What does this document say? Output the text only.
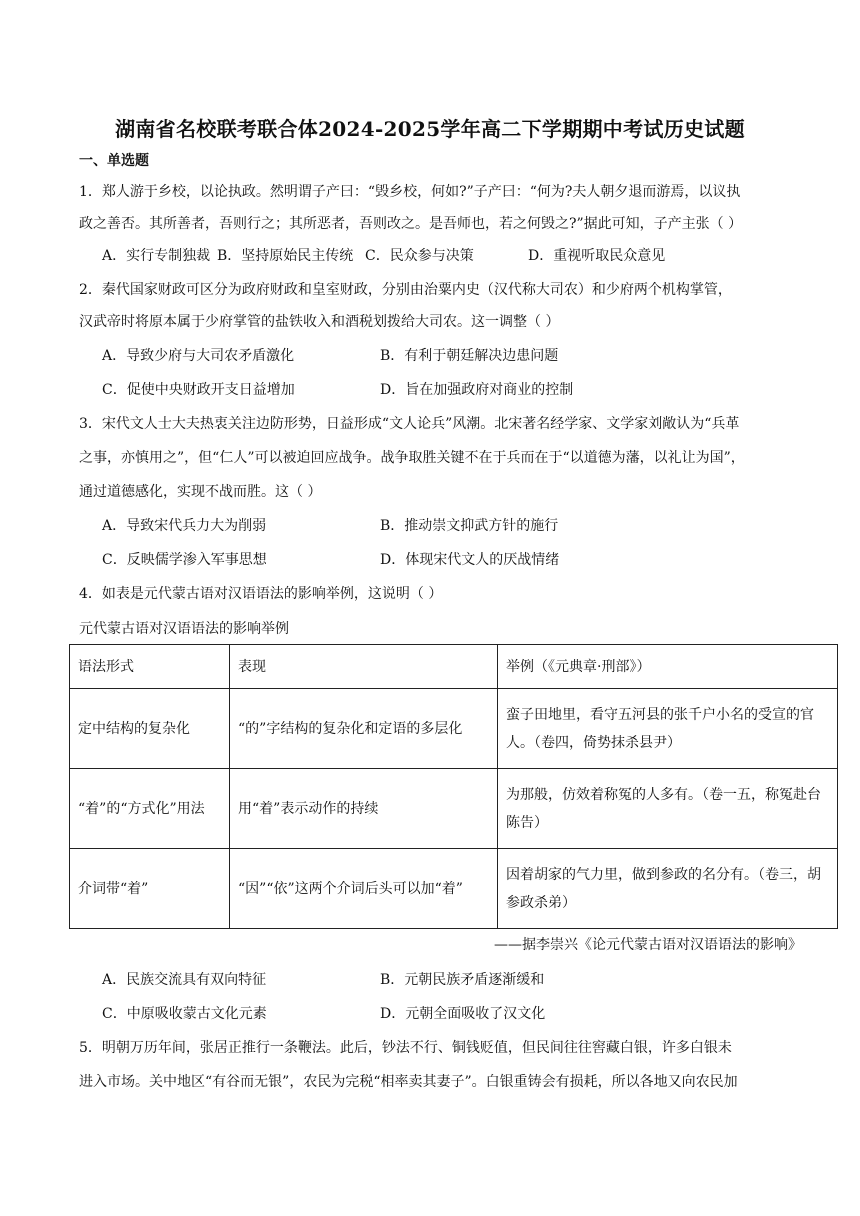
湖南省名校联考联合体2024-2025学年高二下学期期中考试历史试题
一、单选题
1．郑人游于乡校，以论执政。然明谓子产曰：“毁乡校，何如?”子产曰：“何为?夫人朝夕退而游焉，以议执
政之善否。其所善者，吾则行之；其所恶者，吾则改之。是吾师也，若之何毁之?”据此可知，子产主张（ ）
A．实行专制独裁 B．坚持原始民主传统 C．民众参与决策	D．重视听取民众意见
2．秦代国家财政可区分为政府财政和皇室财政，分别由治粟内史（汉代称大司农）和少府两个机构掌管，
汉武帝时将原本属于少府掌管的盐铁收入和酒税划拨给大司农。这一调整（ ）
A．导致少府与大司农矛盾激化	B．有利于朝廷解决边患问题
C．促使中央财政开支日益增加	D．旨在加强政府对商业的控制
3．宋代文人士大夫热衷关注边防形势，日益形成“文人论兵”风潮。北宋著名经学家、文学家刘敞认为“兵革
之事，亦慎用之”，但“仁人”可以被迫回应战争。战争取胜关键不在于兵而在于“以道德为藩，以礼让为国”，
通过道德感化，实现不战而胜。这（ ）
A．导致宋代兵力大为削弱	B．推动崇文抑武方针的施行
C．反映儒学渗入军事思想	D．体现宋代文人的厌战情绪
4．如表是元代蒙古语对汉语语法的影响举例，这说明（ ）
元代蒙古语对汉语语法的影响举例
语法形式	表现	举例（《元典章·刑部》）
定中结构的复杂化	“的”字结构的复杂化和定语的多层化	蛮子田地里，看守五河县的张千户小名的受宣的官人。（卷四，倚势抹杀县尹）
“着”的“方式化”用法	用“着”表示动作的持续	为那般，仿效着称冤的人多有。（卷一五，称冤赴台陈告）
介词带“着”	“因”“依”这两个介词后头可以加“着”	因着胡家的气力里，做到参政的名分有。（卷三，胡参政杀弟）
——据李崇兴《论元代蒙古语对汉语语法的影响》
A．民族交流具有双向特征	B．元朝民族矛盾逐渐缓和
C．中原吸收蒙古文化元素	D．元朝全面吸收了汉文化
5．明朝万历年间，张居正推行一条鞭法。此后，钞法不行、铜钱贬值，但民间往往窖藏白银，许多白银未
进入市场。关中地区“有谷而无银”，农民为完税“相率卖其妻子”。白银重铸会有损耗，所以各地又向农民加
